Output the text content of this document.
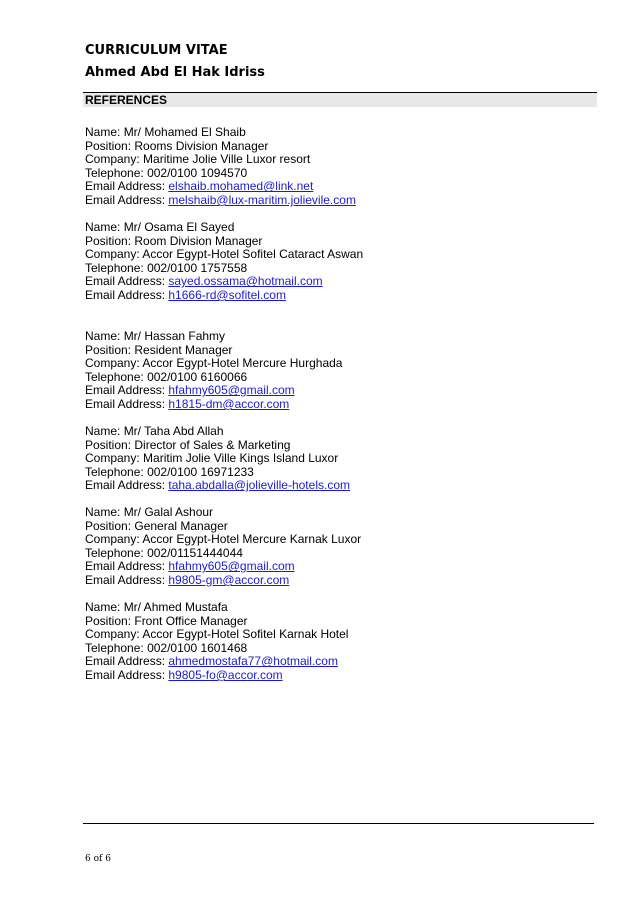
CURRICULUM VITAE
Ahmed Abd El Hak Idriss
REFERENCES
Name: Mr/ Mohamed El Shaib
Position: Rooms Division Manager
Company: Maritime Jolie Ville Luxor resort
Telephone: 002/0100 1094570
Email Address: elshaib.mohamed@link.net
Email Address: melshaib@lux-maritim.jolievile.com
Name: Mr/ Osama El Sayed
Position: Room Division Manager
Company: Accor Egypt-Hotel Sofitel Cataract Aswan
Telephone: 002/0100 1757558
Email Address: sayed.ossama@hotmail.com
Email Address: h1666-rd@sofitel.com
Name: Mr/ Hassan Fahmy
Position: Resident Manager
Company: Accor Egypt-Hotel Mercure Hurghada
Telephone: 002/0100 6160066
Email Address: hfahmy605@gmail.com
Email Address: h1815-dm@accor.com
Name: Mr/ Taha Abd Allah
Position: Director of Sales & Marketing
Company: Maritim Jolie Ville Kings Island Luxor
Telephone: 002/0100 16971233
Email Address: taha.abdalla@jolieville-hotels.com
Name: Mr/ Galal Ashour
Position: General Manager
Company: Accor Egypt-Hotel Mercure Karnak Luxor
Telephone: 002/01151444044
Email Address: hfahmy605@gmail.com
Email Address: h9805-gm@accor.com
Name: Mr/ Ahmed Mustafa
Position: Front Office Manager
Company: Accor Egypt-Hotel Sofitel Karnak Hotel
Telephone: 002/0100 1601468
Email Address: ahmedmostafa77@hotmail.com
Email Address: h9805-fo@accor.com
6 of 6
